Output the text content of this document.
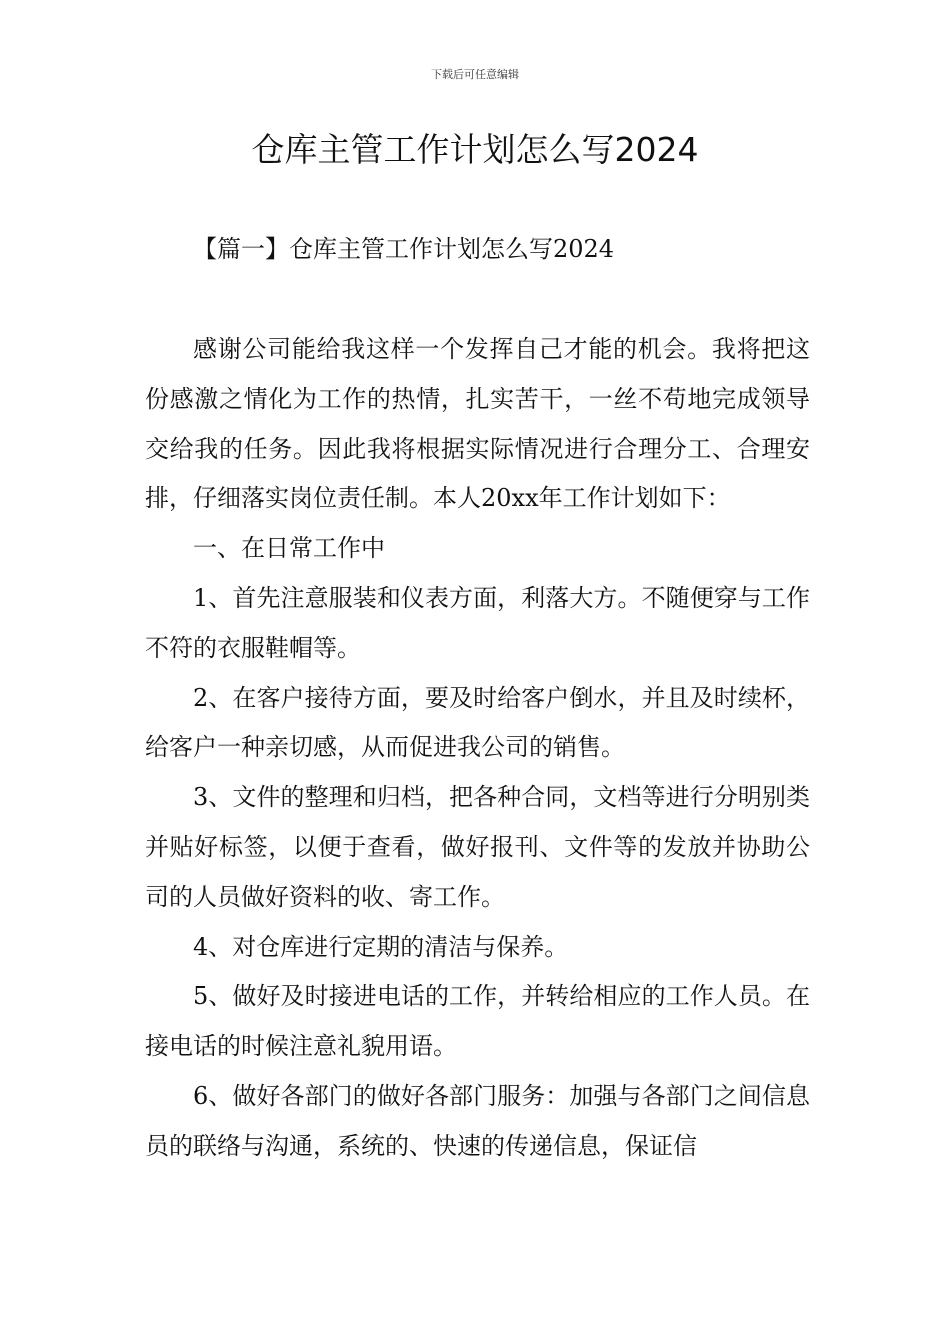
下载后可任意编辑
仓库主管工作计划怎么写2024
【篇一】仓库主管工作计划怎么写2024

感谢公司能给我这样一个发挥自己才能的机会。我将把这份感激之情化为工作的热情，扎实苦干，一丝不苟地完成领导交给我的任务。因此我将根据实际情况进行合理分工、合理安排，仔细落实岗位责任制。本人20xx年工作计划如下：

一、在日常工作中

1、首先注意服装和仪表方面，利落大方。不随便穿与工作不符的衣服鞋帽等。

2、在客户接待方面，要及时给客户倒水，并且及时续杯，给客户一种亲切感，从而促进我公司的销售。

3、文件的整理和归档，把各种合同，文档等进行分明别类并贴好标签，以便于查看，做好报刊、文件等的发放并协助公司的人员做好资料的收、寄工作。

4、对仓库进行定期的清洁与保养。

5、做好及时接进电话的工作，并转给相应的工作人员。在接电话的时候注意礼貌用语。

6、做好各部门的做好各部门服务：加强与各部门之间信息员的联络与沟通，系统的、快速的传递信息，保证信
